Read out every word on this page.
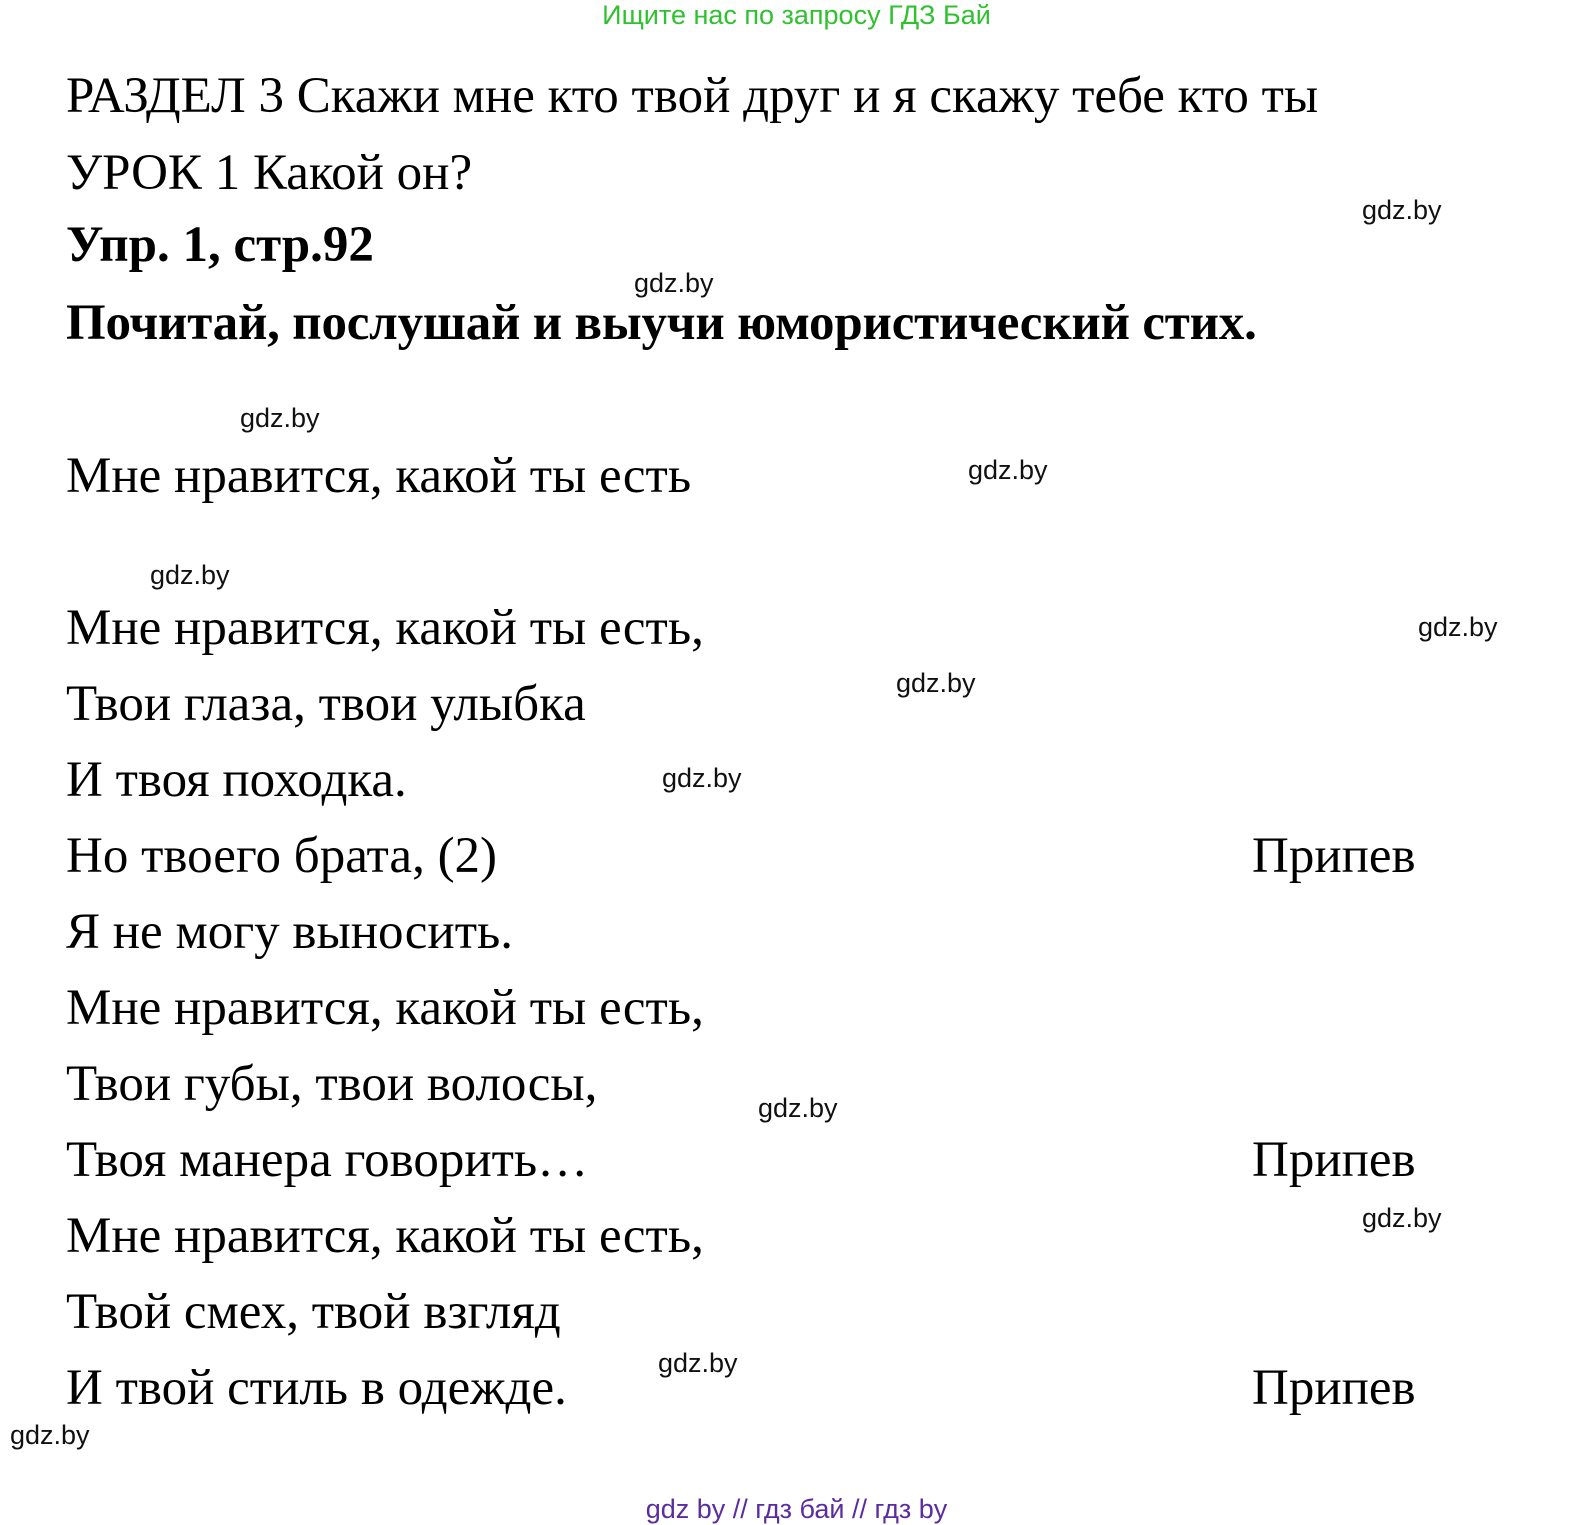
Ищите нас по запросу ГДЗ Бай
РАЗДЕЛ 3 Скажи мне кто твой друг и я скажу тебе кто ты
УРОК 1 Какой он?
Упр. 1, стр.92
Почитай, послушай и выучи юмористический стих.
Мне нравится, какой ты есть
Мне нравится, какой ты есть,
Твои глаза, твои улыбка
И твоя походка.
Но твоего брата, (2)
Я не могу выносить.
Мне нравится, какой ты есть,
Твои губы, твои волосы,
Твоя манера говорить…
Мне нравится, какой ты есть,
Твой смех, твой взгляд
И твой стиль в одежде.
Припев
Припев
Припев
gdz.by
gdz.by
gdz.by
gdz.by
gdz.by
gdz.by
gdz.by
gdz.by
gdz.by
gdz.by
gdz.by
gdz.by
gdz by // гдз бай // гдз by
